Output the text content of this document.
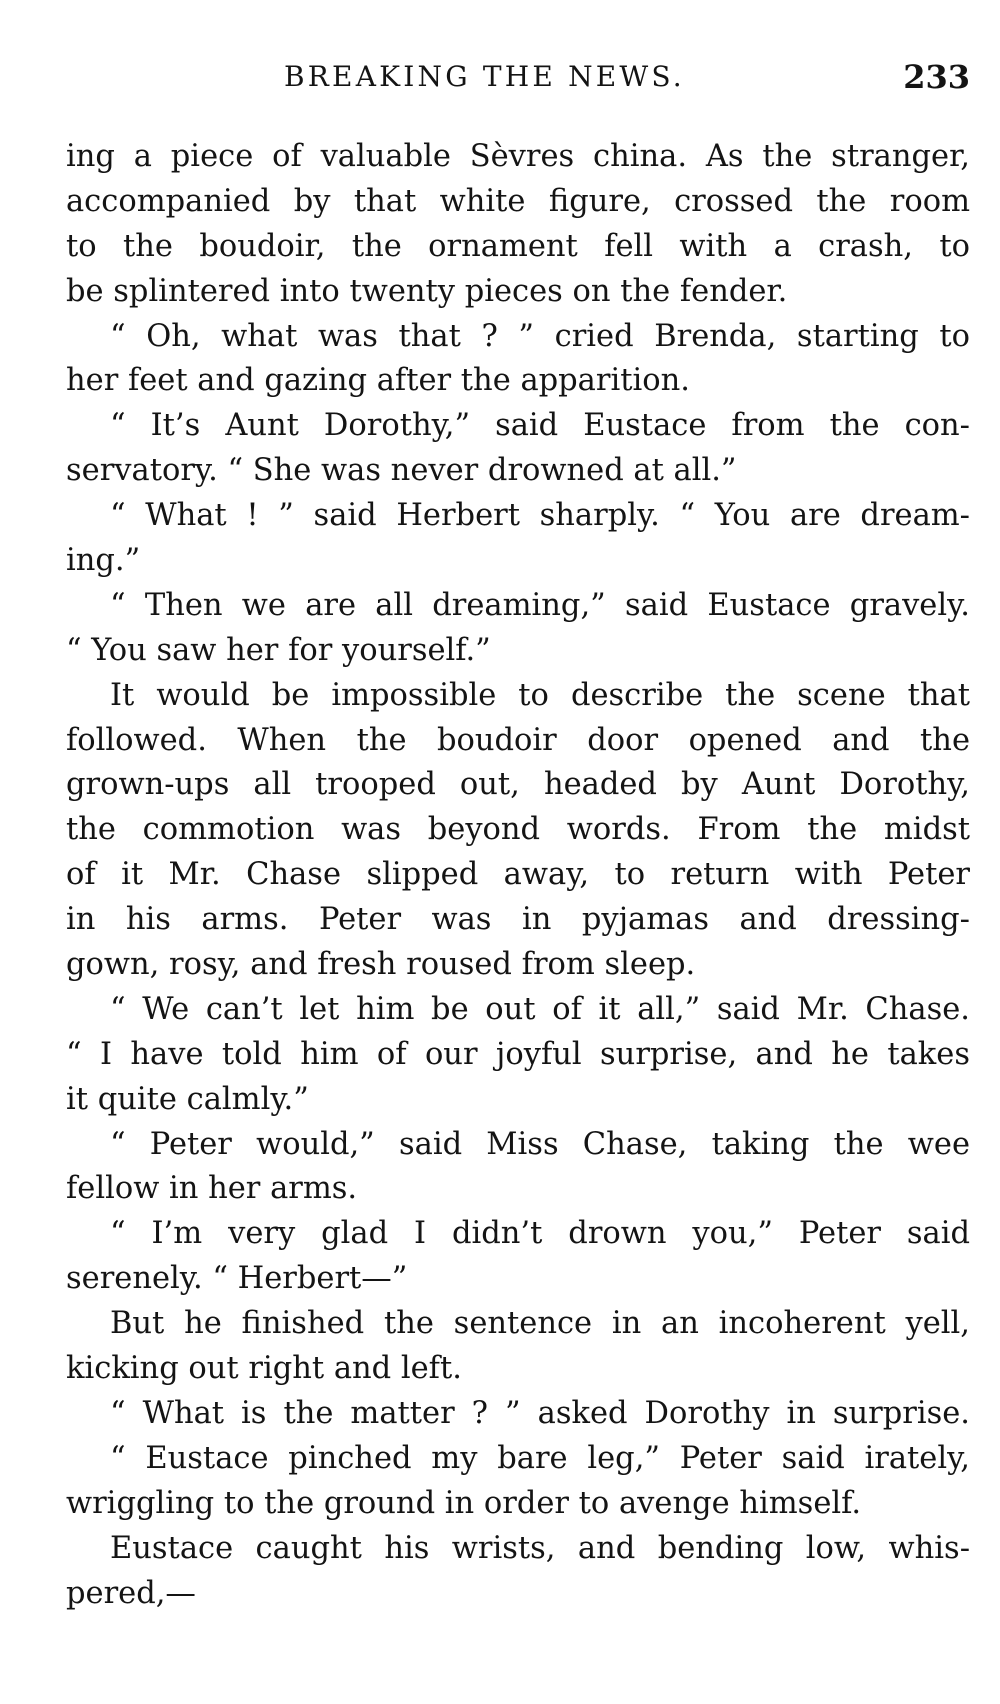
BREAKING THE NEWS.	233
ing a piece of valuable Sèvres china. As the stranger,
accompanied by that white figure, crossed the room
to the boudoir, the ornament fell with a crash, to
be splintered into twenty pieces on the fender.
“ Oh, what was that ? ” cried Brenda, starting to
her feet and gazing after the apparition.
“ It’s Aunt Dorothy,” said Eustace from the con-
servatory. “ She was never drowned at all.”
“ What ! ” said Herbert sharply. “ You are dream-
ing.”
“ Then we are all dreaming,” said Eustace gravely.
“ You saw her for yourself.”
It would be impossible to describe the scene that
followed. When the boudoir door opened and the
grown-ups all trooped out, headed by Aunt Dorothy,
the commotion was beyond words. From the midst
of it Mr. Chase slipped away, to return with Peter
in his arms. Peter was in pyjamas and dressing-
gown, rosy, and fresh roused from sleep.
“ We can’t let him be out of it all,” said Mr. Chase.
“ I have told him of our joyful surprise, and he takes
it quite calmly.”
“ Peter would,” said Miss Chase, taking the wee
fellow in her arms.
“ I’m very glad I didn’t drown you,” Peter said
serenely. “ Herbert—”
But he finished the sentence in an incoherent yell,
kicking out right and left.
“ What is the matter ? ” asked Dorothy in surprise.
“ Eustace pinched my bare leg,” Peter said irately,
wriggling to the ground in order to avenge himself.
Eustace caught his wrists, and bending low, whis-
pered,—
